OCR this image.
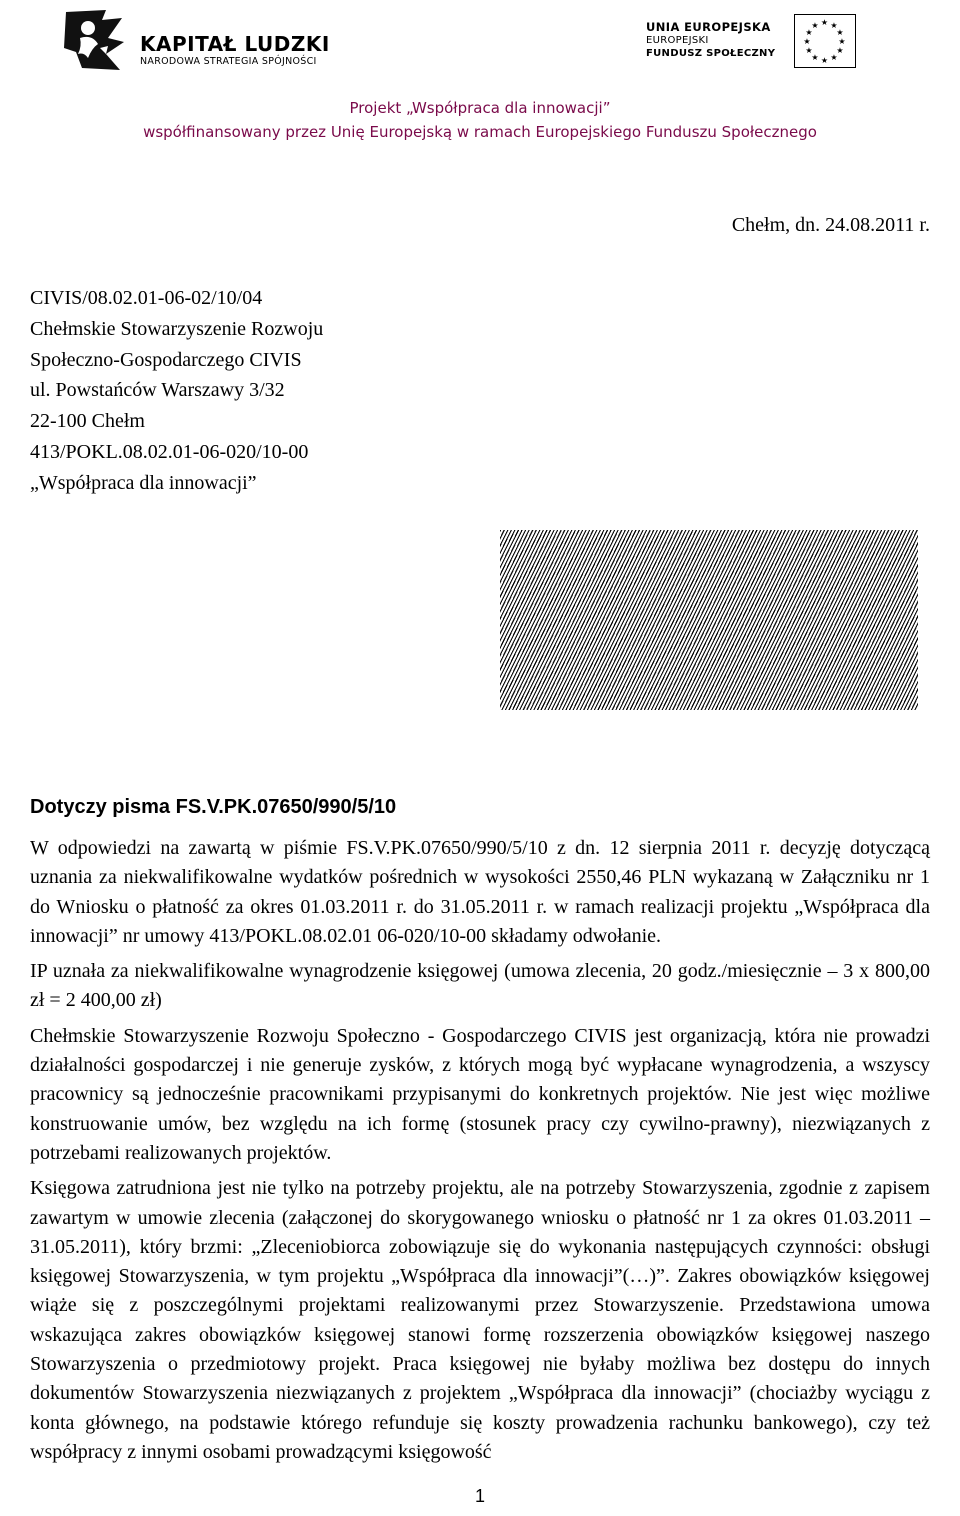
KAPITAŁ LUDZKI
NARODOWA STRATEGIA SPÓJNOŚCI
UNIA EUROPEJSKA
EUROPEJSKI
FUNDUSZ SPOŁECZNY
★ ★
★
★
★
★
★
★
★
★
★
★
Projekt „Współpraca dla innowacji”
współfinansowany przez Unię Europejską w ramach Europejskiego Funduszu Społecznego
Chełm, dn. 24.08.2011 r.
CIVIS/08.02.01-06-02/10/04
Chełmskie Stowarzyszenie Rozwoju
Społeczno-Gospodarczego CIVIS
ul. Powstańców Warszawy 3/32
22-100 Chełm
413/POKL.08.02.01-06-020/10-00
„Współpraca dla innowacji”
Dotyczy pisma FS.V.PK.07650/990/5/10

W odpowiedzi na zawartą w piśmie FS.V.PK.07650/990/5/10 z dn. 12 sierpnia 2011 r. decyzję dotyczącą uznania za niekwalifikowalne wydatków pośrednich w wysokości 2550,46 PLN wykazaną w Załączniku nr 1 do Wniosku o płatność za okres 01.03.2011 r. do 31.05.2011 r. w ramach realizacji projektu „Współpraca dla innowacji” nr umowy 413/POKL.08.02.01 06-020/10-00 składamy odwołanie.

IP uznała za niekwalifikowalne wynagrodzenie księgowej (umowa zlecenia, 20 godz./miesięcznie – 3 x 800,00 zł = 2 400,00 zł)

Chełmskie Stowarzyszenie Rozwoju Społeczno - Gospodarczego CIVIS jest organizacją, która nie prowadzi działalności gospodarczej i nie generuje zysków, z których mogą być wypłacane wynagrodzenia, a wszyscy pracownicy są jednocześnie pracownikami przypisanymi do konkretnych projektów. Nie jest więc możliwe konstruowanie umów, bez względu na ich formę (stosunek pracy czy cywilno-prawny), niezwiązanych z potrzebami realizowanych projektów.

Księgowa zatrudniona jest nie tylko na potrzeby projektu, ale na potrzeby Stowarzyszenia, zgodnie z zapisem zawartym w umowie zlecenia (załączonej do skorygowanego wniosku o płatność nr 1 za okres 01.03.2011 – 31.05.2011), który brzmi: „Zleceniobiorca zobowiązuje się do wykonania następujących czynności: obsługi księgowej Stowarzyszenia, w tym projektu „Współpraca dla innowacji”(…)”. Zakres obowiązków księgowej wiąże się z poszczególnymi projektami realizowanymi przez Stowarzyszenie. Przedstawiona umowa wskazująca zakres obowiązków księgowej stanowi formę rozszerzenia obowiązków księgowej naszego Stowarzyszenia o przedmiotowy projekt. Praca księgowej nie byłaby możliwa bez dostępu do innych dokumentów Stowarzyszenia niezwiązanych z projektem „Współpraca dla innowacji” (chociażby wyciągu z konta głównego, na podstawie którego refunduje się koszty prowadzenia rachunku bankowego), czy też współpracy z innymi osobami prowadzącymi księgowość

1
